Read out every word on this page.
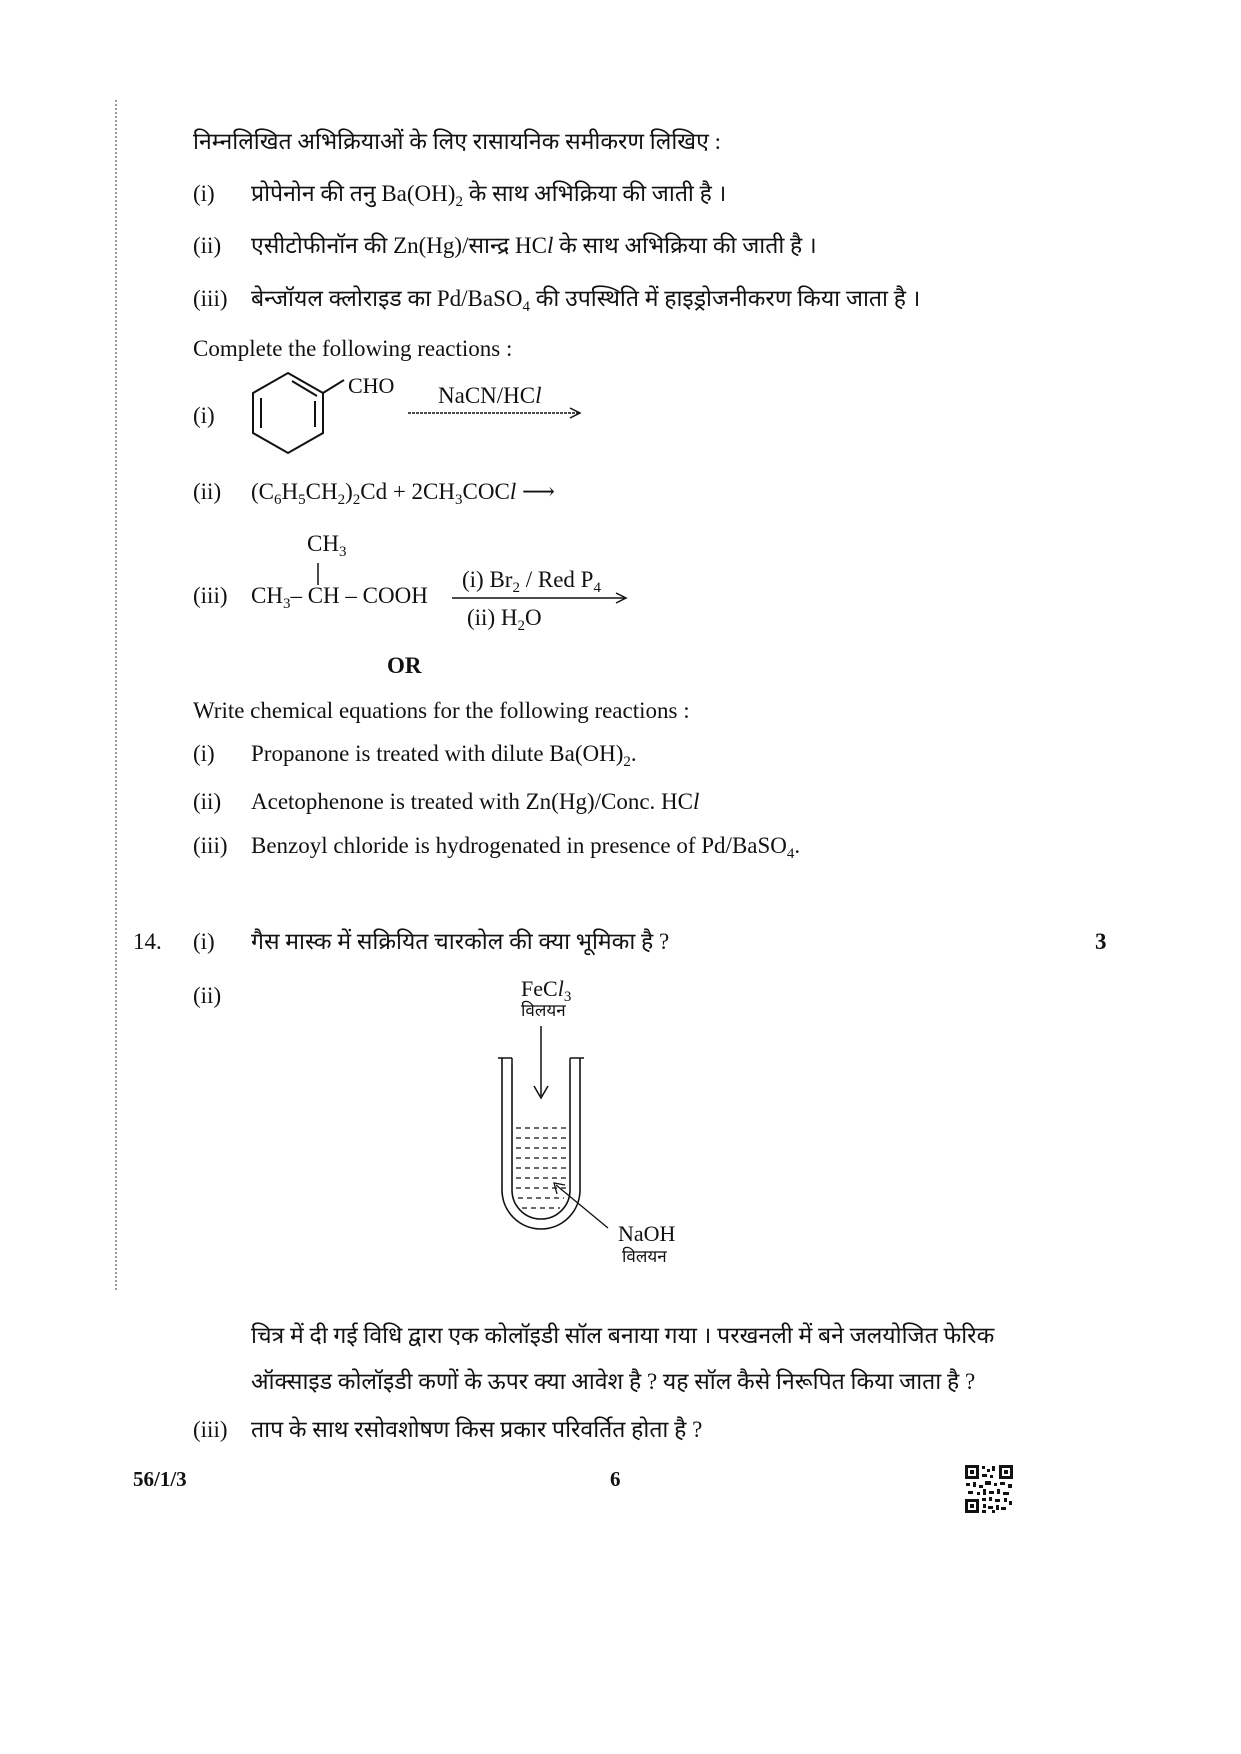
निम्नलिखित अभिक्रियाओं के लिए रासायनिक समीकरण लिखिए :
(i) प्रोपेनोन की तनु $Ba(OH)_2$ के साथ अभिक्रिया की जाती है ।
(ii) एसीटोफीनॉन की Zn(Hg)/सान्द्र HCl के साथ अभिक्रिया की जाती है ।
(iii) बेन्जॉयल क्लोराइड का Pd/BaSO$_4$ की उपस्थिति में हाइड्रोजनीकरण किया जाता है ।
Complete the following reactions :
(i)
CHO NaCN/HCl
(ii) $(C_6H_5CH_2)_2Cd$ + $2CH_3COCl$ ⟶
$CH_3$
(iii) $CH_3-$ CH – COOH
(i) $Br_2$ / Red $P_4$
(ii) $H_2O$
OR
Write chemical equations for the following reactions :
(i) Propanone is treated with dilute $Ba(OH)_2$.
(ii) Acetophenone is treated with Zn(Hg)/Conc. HCl
(iii) Benzoyl chloride is hydrogenated in presence of Pd/BaSO$_4$.
14. (i) गैस मास्क में सक्रियित चारकोल की क्या भूमिका है ?	3
(ii)	FeCl$_3$
विलयन
NaOH
विलयन
चित्र में दी गई विधि द्वारा एक कोलॉइडी सॉल बनाया गया । परखनली में बने जलयोजित फेरिक
ऑक्साइड कोलॉइडी कणों के ऊपर क्या आवेश है ? यह सॉल कैसे निरूपित किया जाता है ?
(iii) ताप के साथ रसोवशोषण किस प्रकार परिवर्तित होता है ?
56/1/3	6
